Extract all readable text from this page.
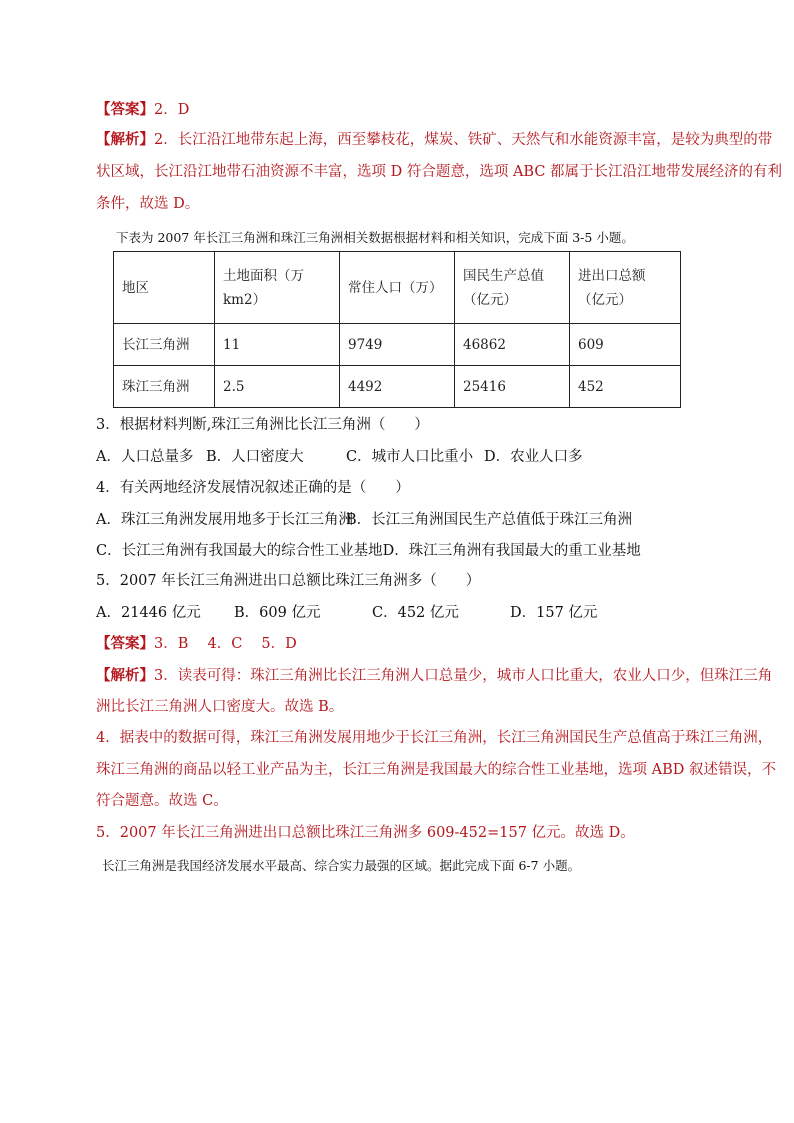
【答案】2．D
【解析】2．长江沿江地带东起上海，西至攀枝花，煤炭、铁矿、天然气和水能资源丰富，是较为典型的带
状区域，长江沿江地带石油资源不丰富，选项 D 符合题意，选项 ABC 都属于长江沿江地带发展经济的有利
条件，故选 D。
下表为 2007 年长江三角洲和珠江三角洲相关数据根据材料和相关知识，完成下面 3-5 小题。
地区	土地面积（万 km2）	常住人口（万）	国民生产总值（亿元）	进出口总额（亿元）
长江三角洲	11	9749	46862	609
珠江三角洲	2.5	4492	25416	452
3．根据材料判断,珠江三角洲比长江三角洲（　　）
A．人口总量多 B．人口密度大	C．城市人口比重小 D．农业人口多
4．有关两地经济发展情况叙述正确的是（　　）
A．珠江三角洲发展用地多于长江三角洲B．长江三角洲国民生产总值低于珠江三角洲
C．长江三角洲有我国最大的综合性工业基地D．珠江三角洲有我国最大的重工业基地
5．2007 年长江三角洲进出口总额比珠江三角洲多（　　）
A．21446 亿元 B．609 亿元	C．452 亿元	D．157 亿元
【答案】3．B　 4．C　 5．D
【解析】3．读表可得：珠江三角洲比长江三角洲人口总量少，城市人口比重大，农业人口少，但珠江三角
洲比长江三角洲人口密度大。故选 B。
4．据表中的数据可得，珠江三角洲发展用地少于长江三角洲，长江三角洲国民生产总值高于珠江三角洲，
珠江三角洲的商品以轻工业产品为主，长江三角洲是我国最大的综合性工业基地，选项 ABD 叙述错误，不
符合题意。故选 C。
5．2007 年长江三角洲进出口总额比珠江三角洲多 609-452=157 亿元。故选 D。
长江三角洲是我国经济发展水平最高、综合实力最强的区域。据此完成下面 6-7 小题。
